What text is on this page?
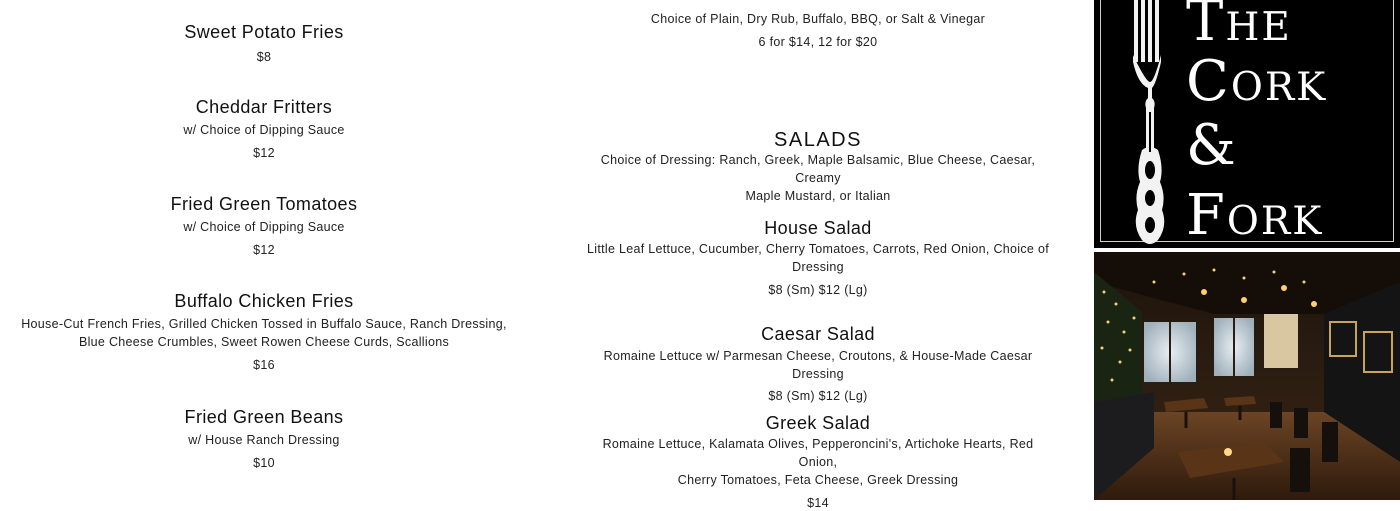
Sweet Potato Fries
$8
Cheddar Fritters
w/ Choice of Dipping Sauce
$12
Fried Green Tomatoes
w/ Choice of Dipping Sauce
$12
Buffalo Chicken Fries
House-Cut French Fries, Grilled Chicken Tossed in Buffalo Sauce, Ranch Dressing,
Blue Cheese Crumbles, Sweet Rowen Cheese Curds, Scallions
$16
Fried Green Beans
w/ House Ranch Dressing
$10
Choice of Plain, Dry Rub, Buffalo, BBQ, or Salt & Vinegar
6 for $14, 12 for $20
SALADS
Choice of Dressing: Ranch, Greek, Maple Balsamic, Blue Cheese, Caesar, Creamy
Maple Mustard, or Italian
House Salad
Little Leaf Lettuce, Cucumber, Cherry Tomatoes, Carrots, Red Onion, Choice of
Dressing
$8 (Sm) $12 (Lg)
Caesar Salad
Romaine Lettuce w/ Parmesan Cheese, Croutons, & House-Made Caesar Dressing
$8 (Sm) $12 (Lg)
Greek Salad
Romaine Lettuce, Kalamata Olives, Pepperoncini's, Artichoke Hearts, Red Onion,
Cherry Tomatoes, Feta Cheese, Greek Dressing
$14
The
Cork
&
Fork
